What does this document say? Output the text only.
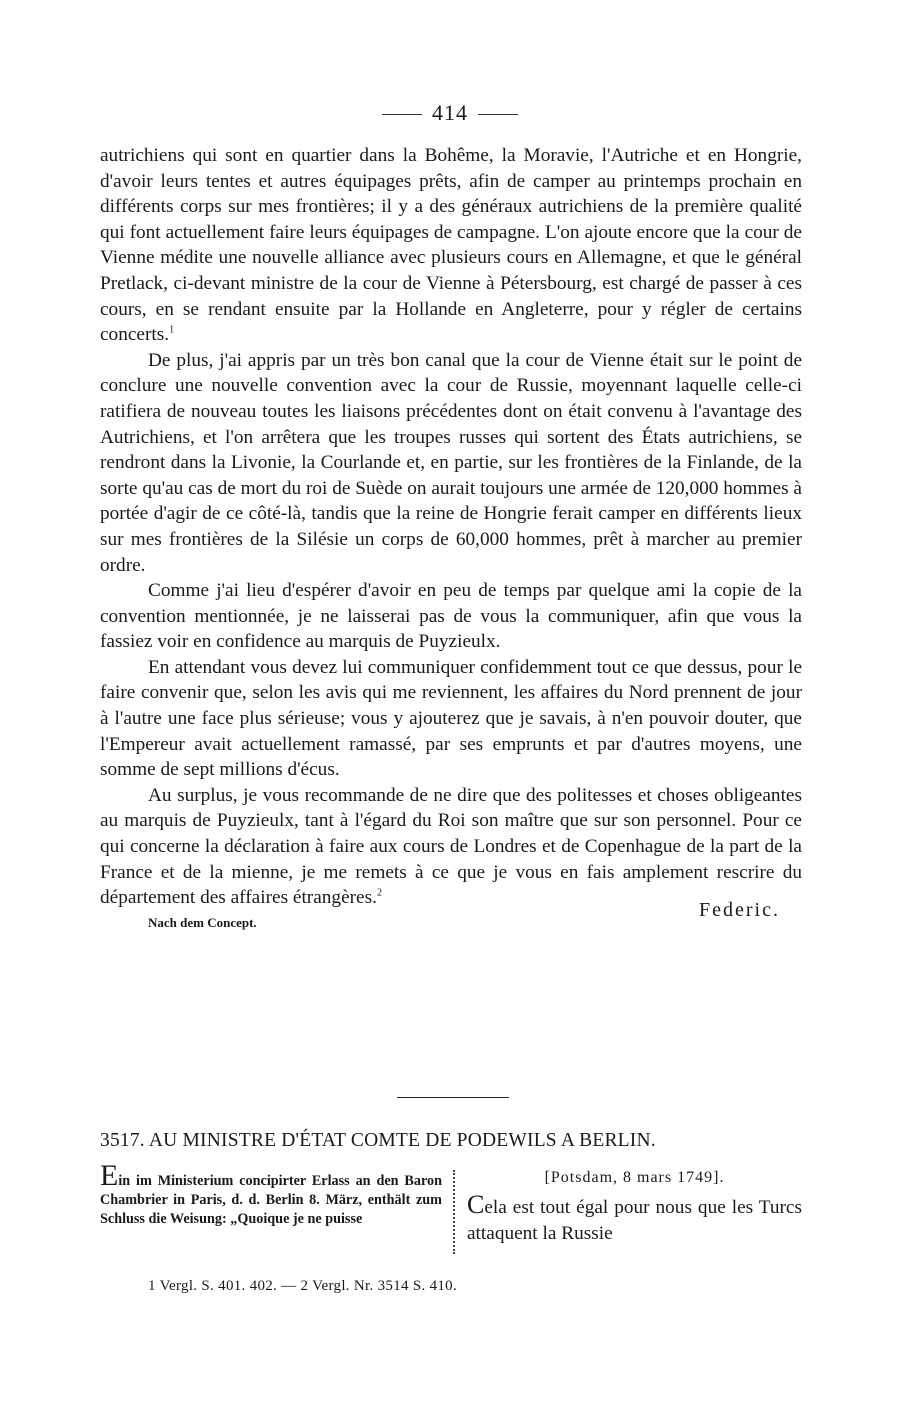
414

autrichiens qui sont en quartier dans la Bohême, la Moravie, l'Autriche et en Hongrie, d'avoir leurs tentes et autres équipages prêts, afin de camper au printemps prochain en différents corps sur mes frontières; il y a des généraux autrichiens de la première qualité qui font actuellement faire leurs équipages de campagne. L'on ajoute encore que la cour de Vienne médite une nouvelle alliance avec plusieurs cours en Allemagne, et que le général Pretlack, ci-devant ministre de la cour de Vienne à Pétersbourg, est chargé de passer à ces cours, en se rendant ensuite par la Hollande en Angleterre, pour y régler de certains concerts.$^1$

De plus, j'ai appris par un très bon canal que la cour de Vienne était sur le point de conclure une nouvelle convention avec la cour de Russie, moyennant laquelle celle-ci ratifiera de nouveau toutes les liaisons précédentes dont on était convenu à l'avantage des Autrichiens, et l'on arrêtera que les troupes russes qui sortent des États autrichiens, se rendront dans la Livonie, la Courlande et, en partie, sur les frontières de la Finlande, de la sorte qu'au cas de mort du roi de Suède on aurait toujours une armée de 120,000 hommes à portée d'agir de ce côté-là, tandis que la reine de Hongrie ferait camper en différents lieux sur mes frontières de la Silésie un corps de 60,000 hommes, prêt à marcher au premier ordre.

Comme j'ai lieu d'espérer d'avoir en peu de temps par quelque ami la copie de la convention mentionnée, je ne laisserai pas de vous la communiquer, afin que vous la fassiez voir en confidence au marquis de Puyzieulx.

En attendant vous devez lui communiquer confidemment tout ce que dessus, pour le faire convenir que, selon les avis qui me reviennent, les affaires du Nord prennent de jour à l'autre une face plus sérieuse; vous y ajouterez que je savais, à n'en pouvoir douter, que l'Empereur avait actuellement ramassé, par ses emprunts et par d'autres moyens, une somme de sept millions d'écus.

Au surplus, je vous recommande de ne dire que des politesses et choses obligeantes au marquis de Puyzieulx, tant à l'égard du Roi son maître que sur son personnel. Pour ce qui concerne la déclaration à faire aux cours de Londres et de Copenhague de la part de la France et de la mienne, je me remets à ce que je vous en fais amplement rescrire du département des affaires étrangères.$^2$

Nach dem Concept.
Federic.
3517. AU MINISTRE D'ÉTAT COMTE DE PODEWILS A BERLIN.
Ein im Ministerium concipirter Erlass an den Baron Chambrier in Paris, d. d. Berlin 8. März, enthält zum Schluss die Weisung: „Quoique je ne puisse
[Potsdam, 8 mars 1749].
Cela est tout égal pour nous que les Turcs attaquent la Russie
1 Vergl. S. 401. 402. — 2 Vergl. Nr. 3514 S. 410.
